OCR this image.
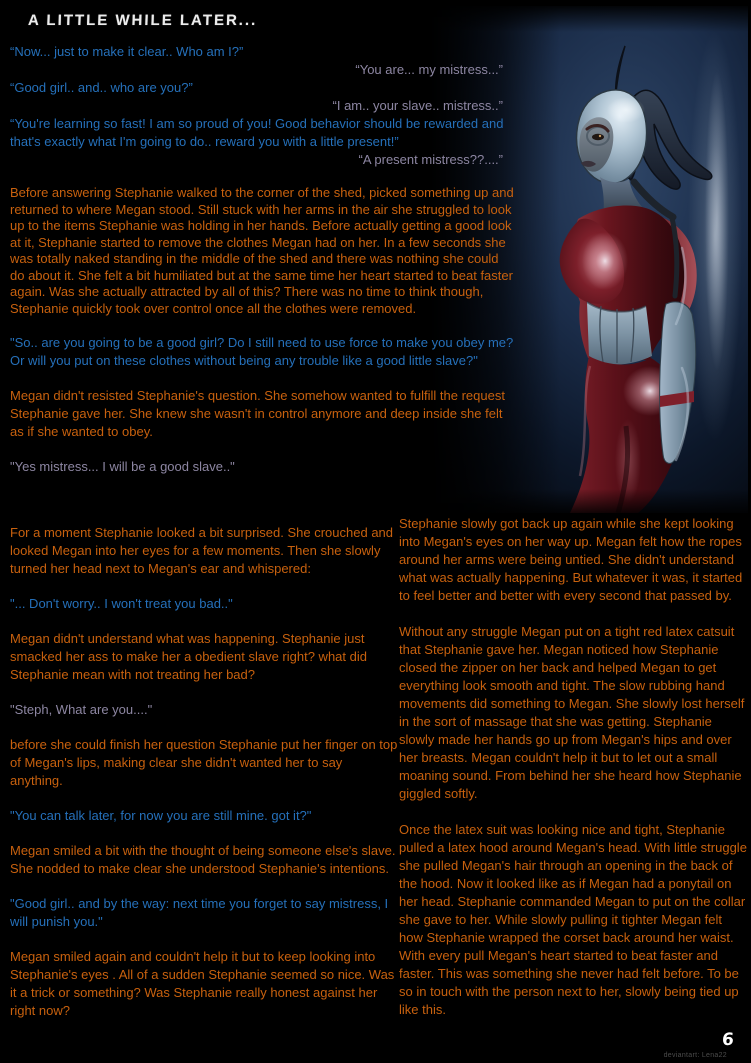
A LITTLE WHILE LATER...

“Now... just to make it clear.. Who am I?”

“You are... my mistress...”

“Good girl.. and.. who are you?”

“I am.. your slave.. mistress..”

“You're learning so fast! I am so proud of you! Good behavior should be rewarded and that's exactly what I'm going to do.. reward you with a little present!”

“A present mistress??....”

Before answering Stephanie walked to the corner of the shed, picked something up and returned to where Megan stood. Still stuck with her arms in the air she struggled to look up to the items Stephanie was holding in her hands. Before actually getting a good look at it, Stephanie started to remove the clothes Megan had on her. In a few seconds she was totally naked standing in the middle of the shed and there was nothing she could do about it. She felt a bit humiliated but at the same time her heart started to beat faster again. Was she actually attracted by all of this? There was no time to think though, Stephanie quickly took over control once all the clothes were removed.

"So.. are you going to be a good girl? Do I still need to use force to make you obey me? Or will you put on these clothes without being any trouble like a good little slave?"

Megan didn't resisted Stephanie's question. She somehow wanted to fulfill the request Stephanie gave her. She knew she wasn't in control anymore and deep inside she felt as if she wanted to obey.

"Yes mistress... I will be a good slave.."

For a moment Stephanie looked a bit surprised. She crouched and looked Megan into her eyes for a few moments. Then she slowly turned her head next to Megan's ear and whispered:

"... Don't worry.. I won't treat you bad.."

Megan didn't understand what was happening. Stephanie just smacked her ass to make her a obedient slave right? what did Stephanie mean with not treating her bad?

"Steph, What are you...."

before she could finish her question Stephanie put her finger on top of Megan's lips, making clear she didn't wanted her to say anything.

"You can talk later, for now you are still mine. got it?"

Megan smiled a bit with the thought of being someone else's slave. She nodded to make clear she understood Stephanie's intentions.

"Good girl.. and by the way: next time you forget to say mistress, I will punish you."

Megan smiled again and couldn't help it but to keep looking into Stephanie's eyes . All of a sudden Stephanie seemed so nice. Was it a trick or something? Was Stephanie really honest against her right now?

Stephanie slowly got back up again while she kept looking into Megan's eyes on her way up. Megan felt how the ropes around her arms were being untied. She didn't understand what was actually happening. But whatever it was, it started to feel better and better with every second that passed by.

Without any struggle Megan put on a tight red latex catsuit that Stephanie gave her. Megan noticed how Stephanie closed the zipper on her back and helped Megan to get everything look smooth and tight. The slow rubbing hand movements did something to Megan. She slowly lost herself in the sort of massage that she was getting. Stephanie slowly made her hands go up from Megan's hips and over her breasts. Megan couldn't help it but to let out a small moaning sound. From behind her she heard how Stephanie giggled softly.

Once the latex suit was looking nice and tight, Stephanie pulled a latex hood around Megan's head. With little struggle she pulled Megan's hair through an opening in the back of the hood. Now it looked like as if Megan had a ponytail on her head. Stephanie commanded Megan to put on the collar she gave to her. While slowly pulling it tighter Megan felt how Stephanie wrapped the corset back around her waist. With every pull Megan's heart started to beat faster and faster. This was something she never had felt before. To be so in touch with the person next to her, slowly being tied up like this.

6
deviantart: Lena22
